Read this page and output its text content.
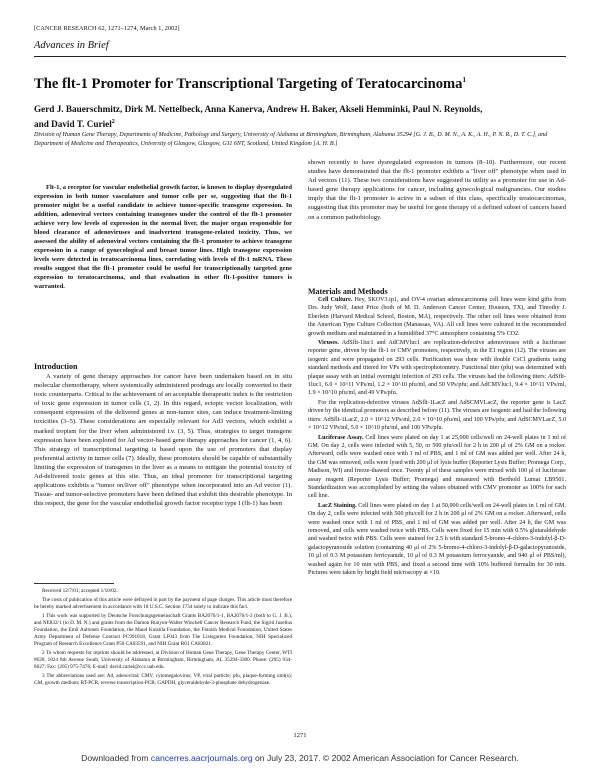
[CANCER RESEARCH 62, 1271–1274, March 1, 2002]
Advances in Brief
The flt-1 Promoter for Transcriptional Targeting of Teratocarcinoma$^1$
Gerd J. Bauerschmitz, Dirk M. Nettelbeck, Anna Kanerva, Andrew H. Baker, Akseli Hemminki, Paul N. Reynolds,
and David T. Curiel$^2$
Division of Human Gene Therapy, Departments of Medicine, Pathology and Surgery, University of Alabama at Birmingham, Birmingham, Alabama 35294 [G. J. B., D. M. N., A. K., A. H., P. N. R., D. T. C.], and Department of Medicine and Therapeutics, University of Glasgow, Glasgow, G11 6NT, Scotland, United Kingdom [A. H. B.]
Flt-1, a receptor for vascular endothelial growth factor, is known to display dysregulated expression in both tumor vasculature and tumor cells per se, suggesting that the flt-1 promoter might be a useful candidate to achieve tumor-specific transgene expression. In addition, adenoviral vectors containing transgenes under the control of the flt-1 promoter achieve very low levels of expression in the normal liver, the major organ responsible for blood clearance of adenoviruses and inadvertent transgene-related toxicity. Thus, we assessed the ability of adenoviral vectors containing the flt-1 promoter to achieve transgene expression in a range of gynecological and breast tumor lines. High transgene expression levels were detected in teratocarcinoma lines, correlating with levels of flt-1 mRNA. These results suggest that the flt-1 promoter could be useful for transcriptionally targeted gene expression to teratocarcinoma, and that evaluation in other flt-1-positive tumors is warranted.
Introduction
A variety of gene therapy approaches for cancer have been undertaken based on in situ molecular chemotherapy, where systemically administered prodrugs are locally converted to their toxic counterparts. Critical to the achievement of an acceptable therapeutic index is the restriction of toxic gene expression in tumor cells (1, 2). In this regard, ectopic vector localization, with consequent expression of the delivered genes at non-tumor sites, can induce treatment-limiting toxicities (3–5). These considerations are especially relevant for Ad3 vectors, which exhibit a marked tropism for the liver when administered i.v. (3, 5). Thus, strategies to target transgene expression have been explored for Ad vector-based gene therapy approaches for cancer (1, 4, 6). This strategy of transcriptional targeting is based upon the use of promoters that display preferential activity in tumor cells (7). Ideally, these promoters should be capable of substantially limiting the expression of transgenes in the liver as a means to mitigate the potential toxicity of Ad-delivered toxic genes at this site. Thus, an ideal promoter for transcriptional targeting applications exhibits a "tumor on/liver off" phenotype when incorporated into an Ad vector (1). Tissue- and tumor-selective promoters have been defined that exhibit this desirable phenotype. In this respect, the gene for the vascular endothelial growth factor receptor type I (flt-1) has been

Received 12/7/01; accepted 1/10/02.

The costs of publication of this article were defrayed in part by the payment of page charges. This article must therefore be hereby marked advertisement in accordance with 18 U.S.C. Section 1734 solely to indicate this fact.

1 This work was supported by Deutsche Forschungsgemeinschaft Grants BA2076/1-1, BA2076/1-2 (both to G. J. B.), and NE832/1 (to D. M. N.) and grants from the Damon Runyon-Walter Winchell Cancer Research Fund, the Sigrid Juselius Foundation, the Emil Aaltonen Foundation, the Maud Kuistila Foundation, the Finnish Medical Foundation, United States Army Department of Defense Contract PC991018, Grant LF043 from The Listsgarten Foundation, NIH Specialized Program of Research Excellence Grant P50 CA83591, and NIH Grant R01 CA83821.

2 To whom requests for reprints should be addressed, at Division of Human Gene Therapy, Gene Therapy Center, WTI #620, 1824 6th Avenue South, University of Alabama at Birmingham, Birmingham, AL 35294-3300. Phone: (205) 934-8627; Fax: (205) 975-7476; E-mail: david.curiel@ccc.uab.edu.

3 The abbreviations used are: Ad, adenoviral; CMV, cytomegalovirus; VP, viral particle; pfu, plaque-forming unit(s); GM, growth medium; RT-PCR, reverse transcription-PCR; GAPDH, glyceraldehyde-3-phosphate dehydrogenase.

shown recently to have dysregulated expression in tumors (8–10). Furthermore, our recent studies have demonstrated that the flt-1 promoter exhibits a "liver off" phenotype when used in Ad vectors (11). These two considerations have suggested its utility as a promoter for use in Ad-based gene therapy applications for cancer, including gynecological malignancies. Our studies imply that the flt-1 promoter is active in a subset of this class, specifically teratocarcinomas, suggesting that this promoter may be useful for gene therapy of a defined subset of cancers based on a common pathobiology.
Materials and Methods

Cell Culture. Hey, SKOV3.ip1, and OV-4 ovarian adenocarcinoma cell lines were kind gifts from Drs. Judy Wolf, Janet Price (both of M. D. Anderson Cancer Center, Houston, TX), and Timothy J. Eberlein (Harvard Medical School, Boston, MA), respectively. The other cell lines were obtained from the American Type Culture Collection (Manassas, VA). All cell lines were cultured in the recommended growth medium and maintained in a humidified 37°C atmosphere containing 5% CO2.

Viruses. AdSflt-1luc1 and AdCMVluc1 are replication-defective adenoviruses with a luciferase reporter gene, driven by the flt-1 or CMV promoters, respectively, in the E1 region (12). The viruses are isogenic and were propagated on 293 cells. Purification was done with double CsCl gradients using standard methods and titered for VPs with spectrophotometry. Functional titer (pfu) was determined with plaque assay with an initial overnight infection of 293 cells. The viruses had the following titers: AdSflt-1luc1, 6.0 × 10^11 VPs/ml, 1.2 × 10^10 pfu/ml, and 50 VPs/pfu; and AdCMVluc1, 9.4 × 10^11 VPs/ml, 1.9 × 10^10 pfu/ml, and 49 VPs/pfu.

For the replication-defective viruses AdSflt-1LacZ and AdSCMVLacZ, the reporter gene is LacZ driven by the identical promoters as described before (11). The viruses are isogenic and had the following titers: AdSflt-1LacZ, 2.0 × 10^12 VPs/ml, 2.0 × 10^10 pfu/ml, and 100 VPs/pfu; and AdSCMVLacZ, 5.0 × 10^12 VPs/ml, 5.0 × 10^10 pfu/ml, and 100 VPs/pfu.

Luciferase Assay. Cell lines were plated on day 1 at 25,000 cells/well on 24-well plates in 1 ml of GM. On day 2, cells were infected with 5, 50, or 500 pfu/cell for 2 h in 200 μl of 2% GM on a rocker. Afterward, cells were washed once with 1 ml of PBS, and 1 ml of GM was added per well. After 24 h, the GM was removed, cells were lysed with 200 μl of lysis buffer (Reporter Lysis Buffer; Promega Corp., Madison, WI) and freeze-thawed once. Twenty μl of these samples were mixed with 100 μl of luciferase assay reagent (Reporter Lysis Buffer; Promega) and measured with Berthold Lumat LB9501. Standardization was accomplished by setting the values obtained with CMV promoter as 100% for each cell line.

LacZ Staining. Cell lines were plated on day 1 at 50,000 cells/well on 24-well plates in 1 ml of GM. On day 2, cells were infected with 500 pfu/cell for 2 h in 200 μl of 2% GM on a rocker. Afterward, cells were washed once with 1 ml of PBS, and 1 ml of GM was added per well. After 24 h, the GM was removed, and cells were washed twice with PBS. Cells were fixed for 15 min with 0.5% glutaraldehyde and washed twice with PBS. Cells were stained for 2.5 h with standard 5-bromo-4-chloro-3-indolyl-β-D-galactopyranoside solution (containing 40 μl of 2% 5-bromo-4-chloro-3-indolyl-β-D-galactopyranoside, 10 μl of 0.3 M potassium ferricyanide, 10 μl of 0.3 M potassium ferrocyanide, and 940 μl of PBS/ml), washed again for 10 min with PBS, and fixed a second time with 10% buffered formalin for 30 min. Pictures were taken by bright field microscopy at ×10.

1271
Downloaded from cancerres.aacrjournals.org on July 23, 2017. © 2002 American Association for Cancer Research.
